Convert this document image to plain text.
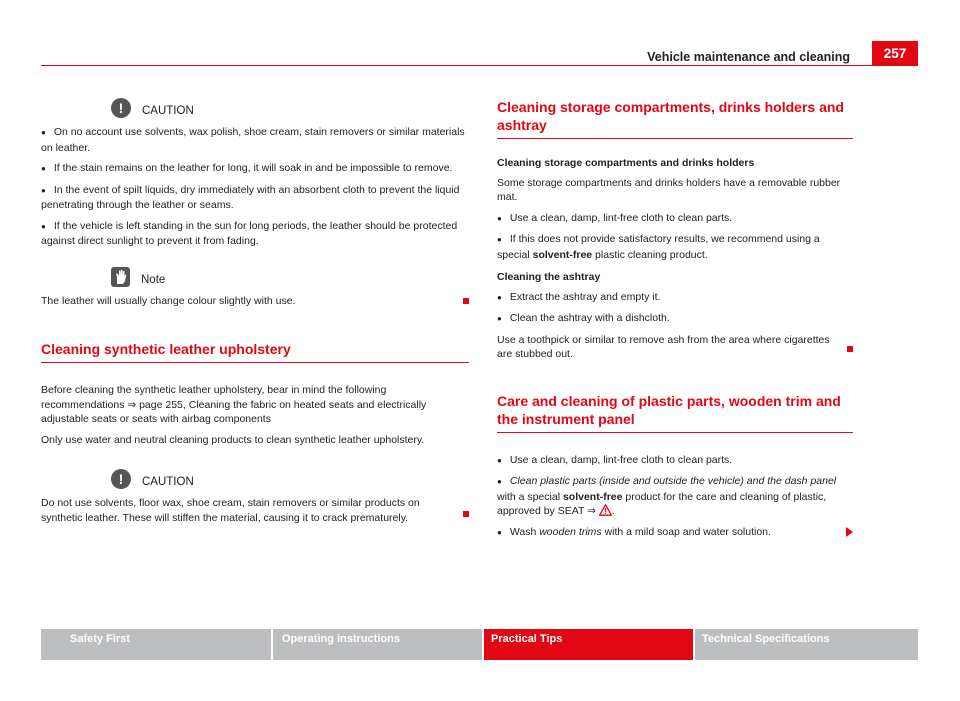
Vehicle maintenance and cleaning	257
!	CAUTION
● On no account use solvents, wax polish, shoe cream, stain removers or similar materials on leather.
● If the stain remains on the leather for long, it will soak in and be impossible to remove.
● In the event of spilt liquids, dry immediately with an absorbent cloth to prevent the liquid penetrating through the leather or seams.
● If the vehicle is left standing in the sun for long periods, the leather should be protected against direct sunlight to prevent it from fading.
Note

The leather will usually change colour slightly with use.

Cleaning synthetic leather upholstery

Before cleaning the synthetic leather upholstery, bear in mind the following recommendations ⇒ page 255, Cleaning the fabric on heated seats and electrically adjustable seats or seats with airbag components

Only use water and neutral cleaning products to clean synthetic leather upholstery.

!	CAUTION

Do not use solvents, floor wax, shoe cream, stain removers or similar products on synthetic leather. These will stiffen the material, causing it to crack prematurely.

Cleaning storage compartments, drinks holders and ashtray
Cleaning storage compartments and drinks holders

Some storage compartments and drinks holders have a removable rubber mat.

● Use a clean, damp, lint-free cloth to clean parts.
● If this does not provide satisfactory results, we recommend using a special solvent-free plastic cleaning product.
Cleaning the ashtray
● Extract the ashtray and empty it.
● Clean the ashtray with a dishcloth.

Use a toothpick or similar to remove ash from the area where cigarettes are stubbed out.

Care and cleaning of plastic parts, wooden trim and the instrument panel
● Use a clean, damp, lint-free cloth to clean parts.
● Clean plastic parts (inside and outside the vehicle) and the dash panel with a special solvent-free product for the care and cleaning of plastic, approved by SEAT ⇒ .
● Wash wooden trims with a mild soap and water solution.
Safety First	Operating instructions	Practical Tips	Technical Specifications
